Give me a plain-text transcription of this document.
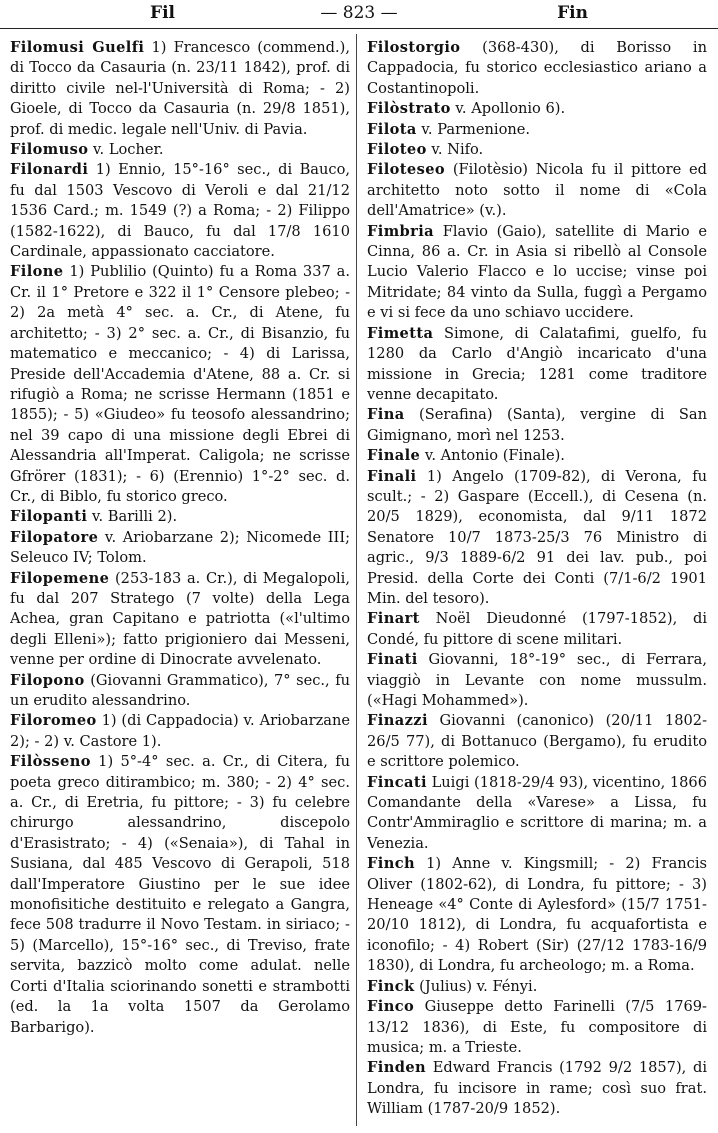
Fil	— 823 —	Fin
Filomusi Guelfi 1) Francesco (commend.), di Tocco da Casauria (n. 23/11 1842), prof. di diritto civile nel-l'Università di Roma; - 2) Gioele, di Tocco da Casauria (n. 29/8 1851), prof. di medic. legale nell'Univ. di Pavia.
Filomuso v. Locher.
Filonardi 1) Ennio, 15°-16° sec., di Bauco, fu dal 1503 Vescovo di Veroli e dal 21/12 1536 Card.; m. 1549 (?) a Roma; - 2) Filippo (1582-1622), di Bauco, fu dal 17/8 1610 Cardinale, appassionato cacciatore.
Filone 1) Publilio (Quinto) fu a Roma 337 a. Cr. il 1° Pretore e 322 il 1° Censore plebeo; - 2) 2a metà 4° sec. a. Cr., di Atene, fu architetto; - 3) 2° sec. a. Cr., di Bisanzio, fu matematico e meccanico; - 4) di Larissa, Preside dell'Accademia d'Atene, 88 a. Cr. si rifugiò a Roma; ne scrisse Hermann (1851 e 1855); - 5) «Giudeo» fu teosofo alessandrino; nel 39 capo di una missione degli Ebrei di Alessandria all'Imperat. Caligola; ne scrisse Gfrörer (1831); - 6) (Erennio) 1°-2° sec. d. Cr., di Biblo, fu storico greco.
Filopanti v. Barilli 2).
Filopatore v. Ariobarzane 2); Nicomede III; Seleuco IV; Tolom.
Filopemene (253-183 a. Cr.), di Megalopoli, fu dal 207 Stratego (7 volte) della Lega Achea, gran Capitano e patriotta («l'ultimo degli Elleni»); fatto prigioniero dai Messeni, venne per ordine di Dinocrate avvelenato.
Filopono (Giovanni Grammatico), 7° sec., fu un erudito alessandrino.
Filoromeo 1) (di Cappadocia) v. Ariobarzane 2); - 2) v. Castore 1).
Filòsseno 1) 5°-4° sec. a. Cr., di Citera, fu poeta greco ditirambico; m. 380; - 2) 4° sec. a. Cr., di Eretria, fu pittore; - 3) fu celebre chirurgo alessandrino, discepolo d'Erasistrato; - 4) («Senaia»), di Tahal in Susiana, dal 485 Vescovo di Gerapoli, 518 dall'Imperatore Giustino per le sue idee monofisitiche destituito e relegato a Gangra, fece 508 tradurre il Novo Testam. in siriaco; - 5) (Marcello), 15°-16° sec., di Treviso, frate servita, bazzicò molto come adulat. nelle Corti d'Italia sciorinando sonetti e strambotti (ed. la 1a volta 1507 da Gerolamo Barbarigo).
Filostorgio (368-430), di Borisso in Cappadocia, fu storico ecclesiastico ariano a Costantinopoli.
Filòstrato v. Apollonio 6).
Filota v. Parmenione.
Filoteo v. Nifo.
Filoteseo (Filotèsio) Nicola fu il pittore ed architetto noto sotto il nome di «Cola dell'Amatrice» (v.).
Fimbria Flavio (Gaio), satellite di Mario e Cinna, 86 a. Cr. in Asia si ribellò al Console Lucio Valerio Flacco e lo uccise; vinse poi Mitridate; 84 vinto da Sulla, fuggì a Pergamo e vi si fece da uno schiavo uccidere.
Fimetta Simone, di Calatafimi, guelfo, fu 1280 da Carlo d'Angiò incaricato d'una missione in Grecia; 1281 come traditore venne decapitato.
Fina (Serafina) (Santa), vergine di San Gimignano, morì nel 1253.
Finale v. Antonio (Finale).
Finali 1) Angelo (1709-82), di Verona, fu scult.; - 2) Gaspare (Eccell.), di Cesena (n. 20/5 1829), economista, dal 9/11 1872 Senatore 10/7 1873-25/3 76 Ministro di agric., 9/3 1889-6/2 91 dei lav. pub., poi Presid. della Corte dei Conti (7/1-6/2 1901 Min. del tesoro).
Finart Noël Dieudonné (1797-1852), di Condé, fu pittore di scene militari.
Finati Giovanni, 18°-19° sec., di Ferrara, viaggiò in Levante con nome mussulm. («Hagi Mohammed»).
Finazzi Giovanni (canonico) (20/11 1802-26/5 77), di Bottanuco (Bergamo), fu erudito e scrittore polemico.
Fincati Luigi (1818-29/4 93), vicentino, 1866 Comandante della «Varese» a Lissa, fu Contr'Ammiraglio e scrittore di marina; m. a Venezia.
Finch 1) Anne v. Kingsmill; - 2) Francis Oliver (1802-62), di Londra, fu pittore; - 3) Heneage «4° Conte di Aylesford» (15/7 1751-20/10 1812), di Londra, fu acquafortista e iconofilo; - 4) Robert (Sir) (27/12 1783-16/9 1830), di Londra, fu archeologo; m. a Roma.
Finck (Julius) v. Fényi.
Finco Giuseppe detto Farinelli (7/5 1769-13/12 1836), di Este, fu compositore di musica; m. a Trieste.
Finden Edward Francis (1792 9/2 1857), di Londra, fu incisore in rame; così suo frat. William (1787-20/9 1852).
